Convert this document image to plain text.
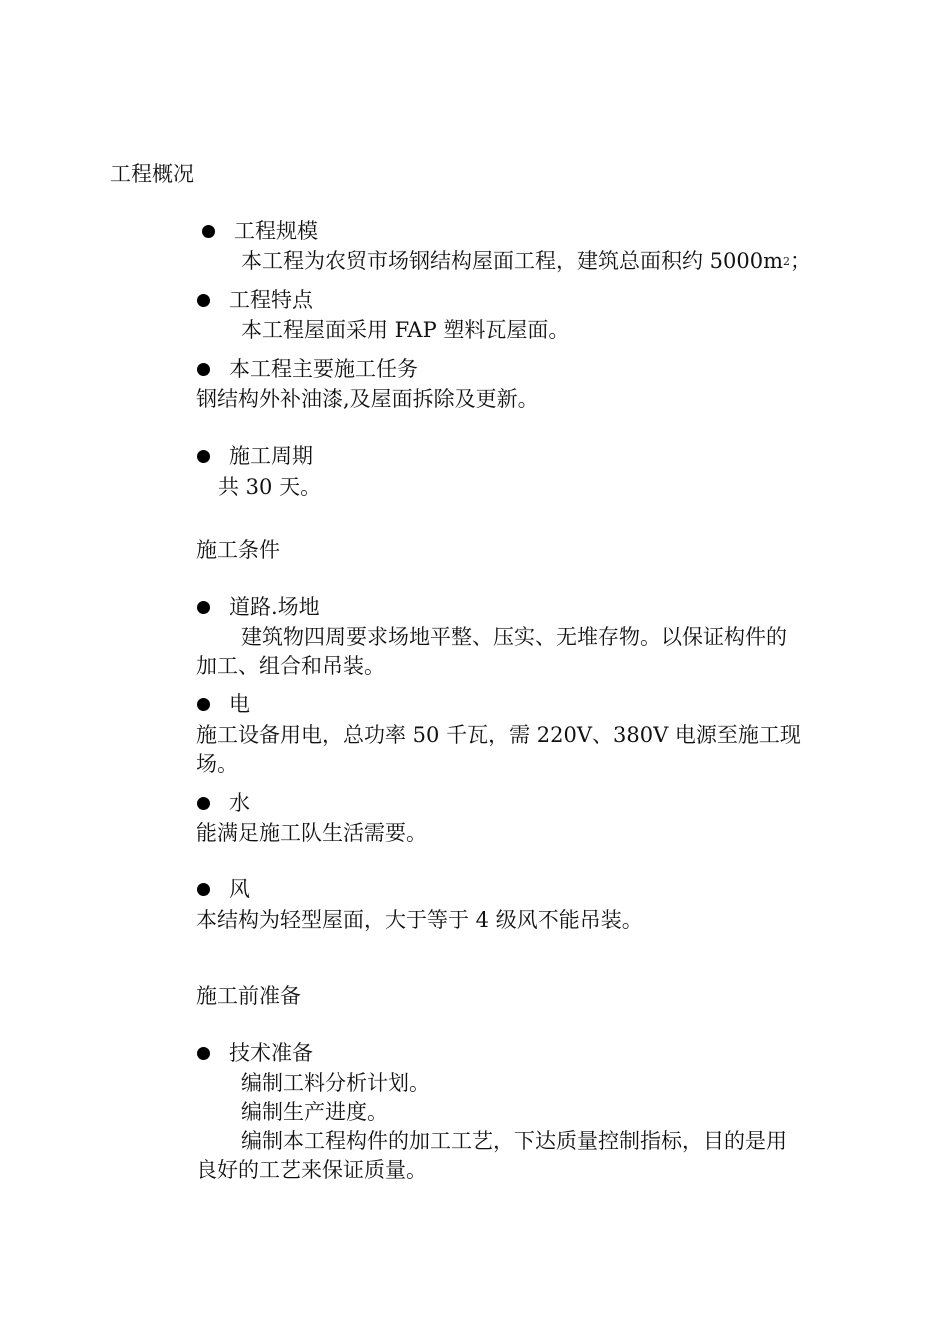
工程概况
工程规模
本工程为农贸市场钢结构屋面工程，建筑总面积约 $5000m^2$；
工程特点
本工程屋面采用 FAP 塑料瓦屋面。
本工程主要施工任务
钢结构外补油漆,及屋面拆除及更新。
施工周期
共 30 天。
施工条件
道路.场地
建筑物四周要求场地平整、压实、无堆存物。以保证构件的
加工、组合和吊装。
电
施工设备用电，总功率 50 千瓦，需 220V、380V 电源至施工现
场。
水
能满足施工队生活需要。
风
本结构为轻型屋面，大于等于 4 级风不能吊装。
施工前准备
技术准备
编制工料分析计划。
编制生产进度。
编制本工程构件的加工工艺，下达质量控制指标，目的是用
良好的工艺来保证质量。
